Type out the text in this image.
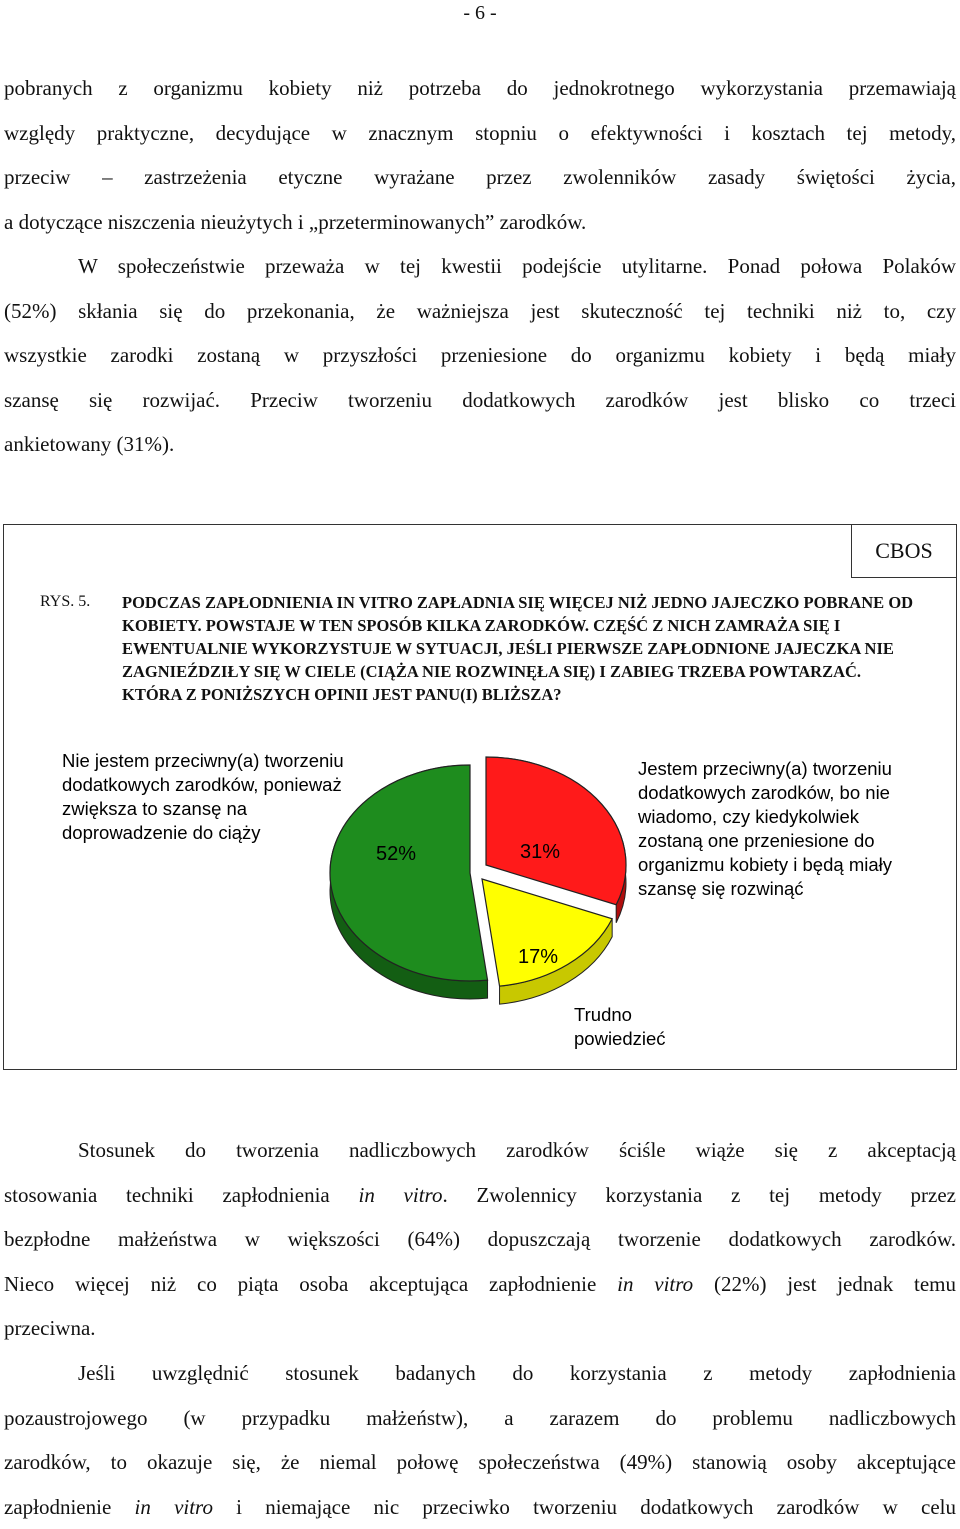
- 6 -
pobranych z organizmu kobiety niż potrzeba do jednokrotnego wykorzystania przemawiają
względy praktyczne, decydujące w znacznym stopniu o efektywności i kosztach tej metody,
przeciw – zastrzeżenia etyczne wyrażane przez zwolenników zasady świętości życia,
a dotyczące niszczenia nieużytych i „przeterminowanych” zarodków.
W społeczeństwie przeważa w tej kwestii podejście utylitarne. Ponad połowa Polaków
(52%) skłania się do przekonania, że ważniejsza jest skuteczność tej techniki niż to, czy
wszystkie zarodki zostaną w przyszłości przeniesione do organizmu kobiety i będą miały
szansę się rozwijać. Przeciw tworzeniu dodatkowych zarodków jest blisko co trzeci
ankietowany (31%).
CBOS
RYS. 5. PODCZAS ZAPŁODNIENIA IN VITRO ZAPŁADNIA SIĘ WIĘCEJ NIŻ JEDNO JAJECZKO POBRANE OD KOBIETY. POWSTAJE W TEN SPOSÓB KILKA ZARODKÓW. CZĘŚĆ Z NICH ZAMRAŻA SIĘ I EWENTUALNIE WYKORZYSTUJE W SYTUACJI, JEŚLI PIERWSZE ZAPŁODNIONE JAJECZKA NIE ZAGNIEŹDZIŁY SIĘ W CIELE (CIĄŻA NIE ROZWINĘŁA SIĘ) I ZABIEG TRZEBA POWTARZAĆ. KTÓRA Z PONIŻSZYCH OPINII JEST PANU(I) BLIŻSZA?
Nie jestem przeciwny(a) tworzeniu dodatkowych zarodków, ponieważ zwiększa to szansę na doprowadzenie do ciąży
Jestem przeciwny(a) tworzeniu dodatkowych zarodków, bo nie wiadomo, czy kiedykolwiek zostaną one przeniesione do organizmu kobiety i będą miały szansę się rozwinąć
Trudno powiedzieć
52%	31%
17%
Stosunek do tworzenia nadliczbowych zarodków ściśle wiąże się z akceptacją
stosowania techniki zapłodnienia in vitro. Zwolennicy korzystania z tej metody przez
bezpłodne małżeństwa w większości (64%) dopuszczają tworzenie dodatkowych zarodków.
Nieco więcej niż co piąta osoba akceptująca zapłodnienie in vitro (22%) jest jednak temu
przeciwna.
Jeśli uwzględnić stosunek badanych do korzystania z metody zapłodnienia
pozaustrojowego (w przypadku małżeństw), a zarazem do problemu nadliczbowych
zarodków, to okazuje się, że niemal połowę społeczeństwa (49%) stanowią osoby akceptujące
zapłodnienie in vitro i niemające nic przeciwko tworzeniu dodatkowych zarodków w celu
